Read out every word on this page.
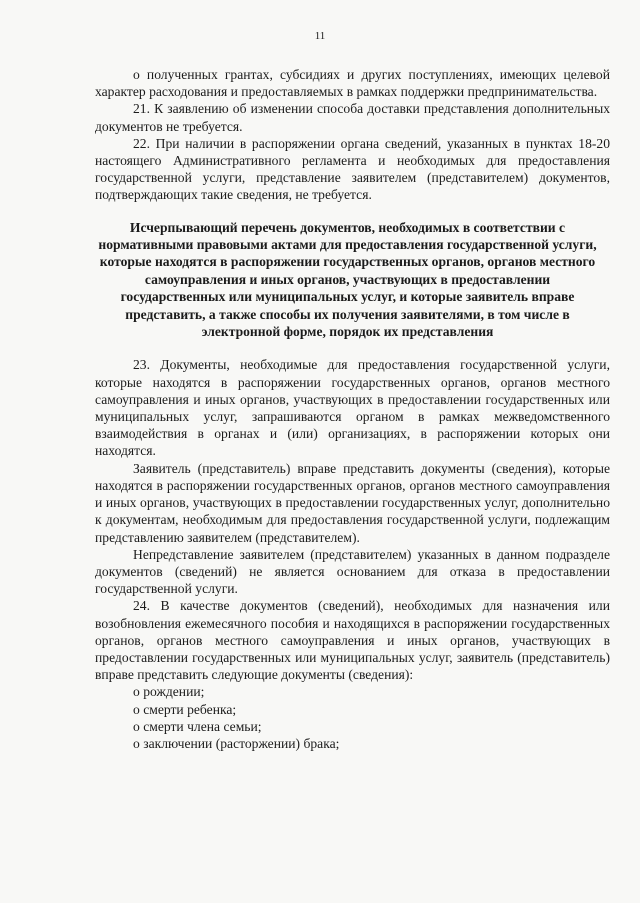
11

о полученных грантах, субсидиях и других поступлениях, имеющих целевой характер расходования и предоставляемых в рамках поддержки предпринимательства.

21. К заявлению об изменении способа доставки представления дополнительных документов не требуется.

22. При наличии в распоряжении органа сведений, указанных в пунктах 18-20 настоящего Административного регламента и необходимых для предоставления государственной услуги, представление заявителем (представителем) документов, подтверждающих такие сведения, не требуется.

Исчерпывающий перечень документов, необходимых в соответствии с нормативными правовыми актами для предоставления государственной услуги, которые находятся в распоряжении государственных органов, органов местного самоуправления и иных органов, участвующих в предоставлении государственных или муниципальных услуг, и которые заявитель вправе представить, а также способы их получения заявителями, в том числе в электронной форме, порядок их представления

23. Документы, необходимые для предоставления государственной услуги, которые находятся в распоряжении государственных органов, органов местного самоуправления и иных органов, участвующих в предоставлении государственных или муниципальных услуг, запрашиваются органом в рамках межведомственного взаимодействия в органах и (или) организациях, в распоряжении которых они находятся.

Заявитель (представитель) вправе представить документы (сведения), которые находятся в распоряжении государственных органов, органов местного самоуправления и иных органов, участвующих в предоставлении государственных услуг, дополнительно к документам, необходимым для предоставления государственной услуги, подлежащим представлению заявителем (представителем).

Непредставление заявителем (представителем) указанных в данном подразделе документов (сведений) не является основанием для отказа в предоставлении государственной услуги.

24. В качестве документов (сведений), необходимых для назначения или возобновления ежемесячного пособия и находящихся в распоряжении государственных органов, органов местного самоуправления и иных органов, участвующих в предоставлении государственных или муниципальных услуг, заявитель (представитель) вправе представить следующие документы (сведения):

о рождении;

о смерти ребенка;

о смерти члена семьи;

о заключении (расторжении) брака;
